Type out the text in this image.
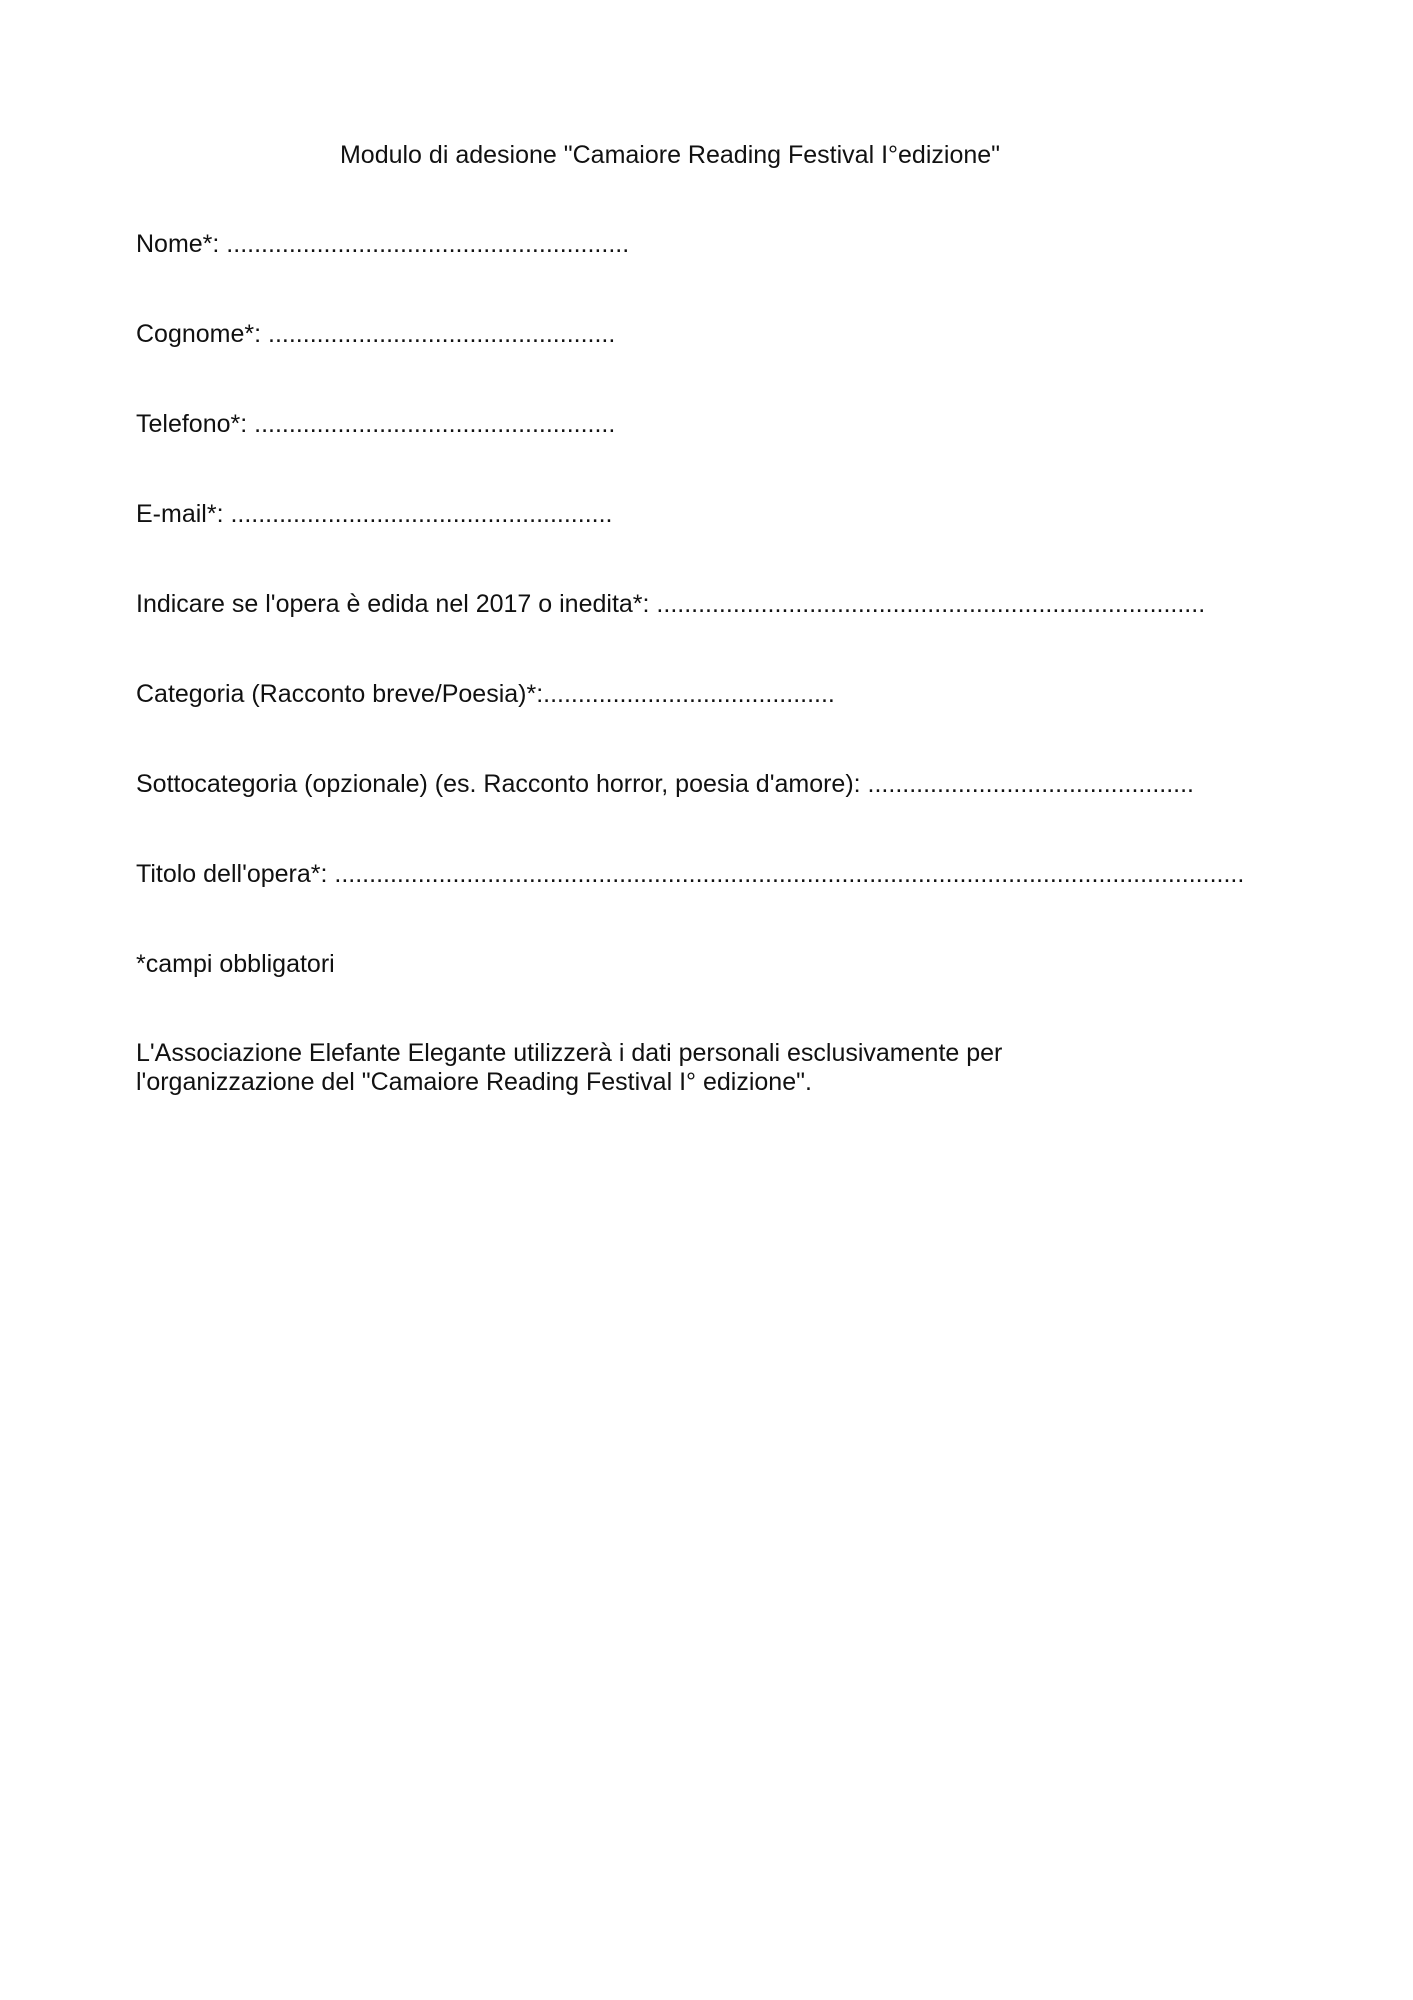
Modulo di adesione "Camaiore Reading Festival I°edizione"
Nome*: ..........................................................
Cognome*: ..................................................
Telefono*: ....................................................
E-mail*: .......................................................
Indicare se l'opera è edida nel 2017 o inedita*: ...............................................................................
Categoria (Racconto breve/Poesia)*:..........................................
Sottocategoria (opzionale) (es. Racconto horror, poesia d'amore): ...............................................
Titolo dell'opera*: ...................................................................................................................................
*campi obbligatori
L'Associazione Elefante Elegante utilizzerà i dati personali esclusivamente per
l'organizzazione del "Camaiore Reading Festival I° edizione".
